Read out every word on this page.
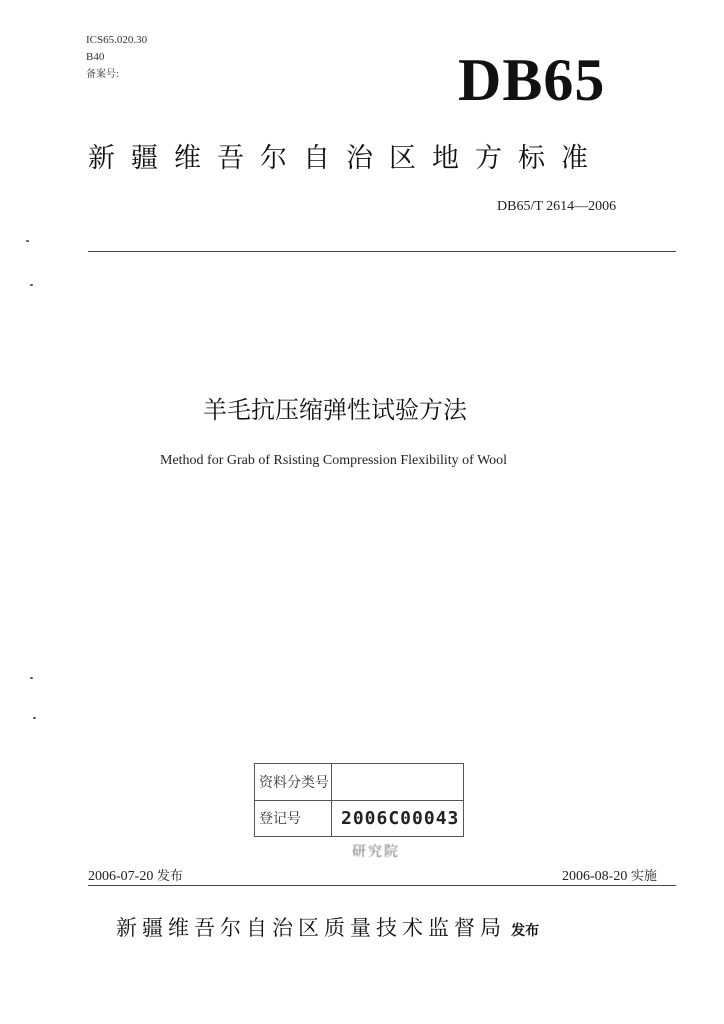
ICS65.020.30
B40
备案号:	DB65
新疆维吾尔自治区地方标准
DB65/T 2614—2006
羊毛抗压缩弹性试验方法
Method for Grab of Rsisting Compression Flexibility of Wool
资料分类号
登记号 2006C00043
研究院
2006-07-20 发布	2006-08-20 实施
新疆维吾尔自治区质量技术监督局 发布
